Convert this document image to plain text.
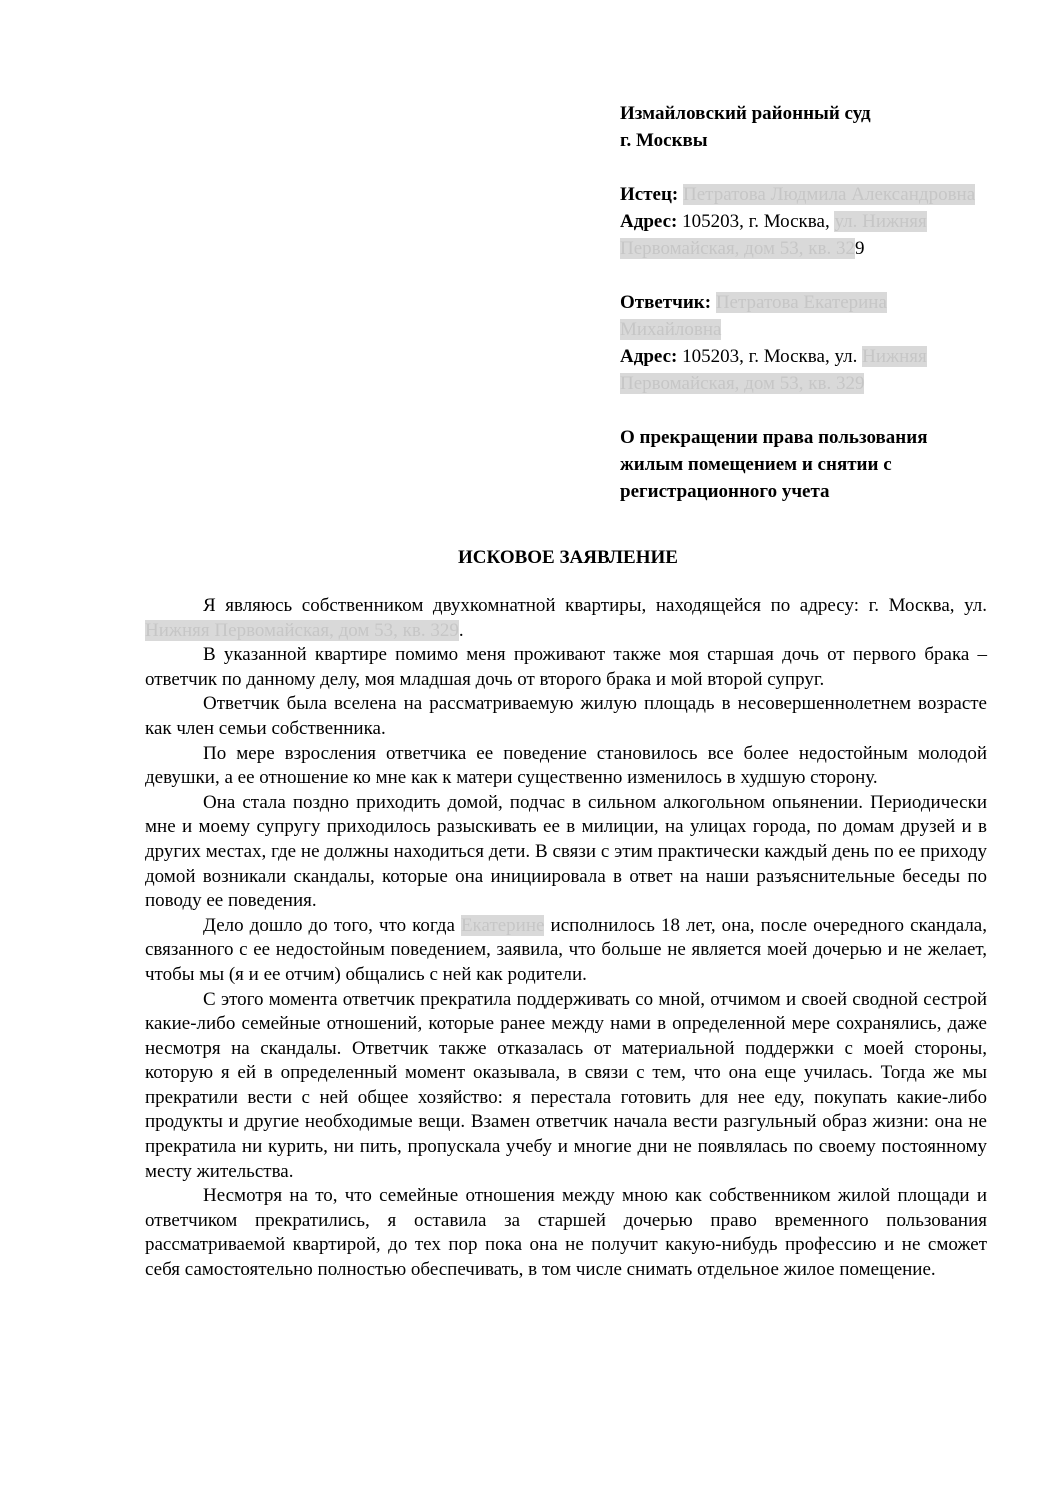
Измайловский районный суд
г. Москвы
Истец: Петратова Людмила Александровна
Адрес: 105203, г. Москва, ул. Нижняя Первомайская, дом 53, кв. 329
Ответчик: Петратова Екатерина Михайловна
Адрес: 105203, г. Москва, ул. Нижняя Первомайская, дом 53, кв. 329
О прекращении права пользования жилым помещением и снятии с регистрационного учета
ИСКОВОЕ ЗАЯВЛЕНИЕ

Я являюсь собственником двухкомнатной квартиры, находящейся по адресу: г. Москва, ул. Нижняя Первомайская, дом 53, кв. 329.

В указанной квартире помимо меня проживают также моя старшая дочь от первого брака – ответчик по данному делу, моя младшая дочь от второго брака и мой второй супруг.

Ответчик была вселена на рассматриваемую жилую площадь в несовершеннолетнем возрасте как член семьи собственника.

По мере взросления ответчика ее поведение становилось все более недостойным молодой девушки, а ее отношение ко мне как к матери существенно изменилось в худшую сторону.

Она стала поздно приходить домой, подчас в сильном алкогольном опьянении. Периодически мне и моему супругу приходилось разыскивать ее в милиции, на улицах города, по домам друзей и в других местах, где не должны находиться дети. В связи с этим практически каждый день по ее приходу домой возникали скандалы, которые она инициировала в ответ на наши разъяснительные беседы по поводу ее поведения.

Дело дошло до того, что когда Екатерине исполнилось 18 лет, она, после очередного скандала, связанного с ее недостойным поведением, заявила, что больше не является моей дочерью и не желает, чтобы мы (я и ее отчим) общались с ней как родители.

С этого момента ответчик прекратила поддерживать со мной, отчимом и своей сводной сестрой какие-либо семейные отношений, которые ранее между нами в определенной мере сохранялись, даже несмотря на скандалы. Ответчик также отказалась от материальной поддержки с моей стороны, которую я ей в определенный момент оказывала, в связи с тем, что она еще училась. Тогда же мы прекратили вести с ней общее хозяйство: я перестала готовить для нее еду, покупать какие-либо продукты и другие необходимые вещи. Взамен ответчик начала вести разгульный образ жизни: она не прекратила ни курить, ни пить, пропускала учебу и многие дни не появлялась по своему постоянному месту жительства.

Несмотря на то, что семейные отношения между мною как собственником жилой площади и ответчиком прекратились, я оставила за старшей дочерью право временного пользования рассматриваемой квартирой, до тех пор пока она не получит какую-нибудь профессию и не сможет себя самостоятельно полностью обеспечивать, в том числе снимать отдельное жилое помещение.
